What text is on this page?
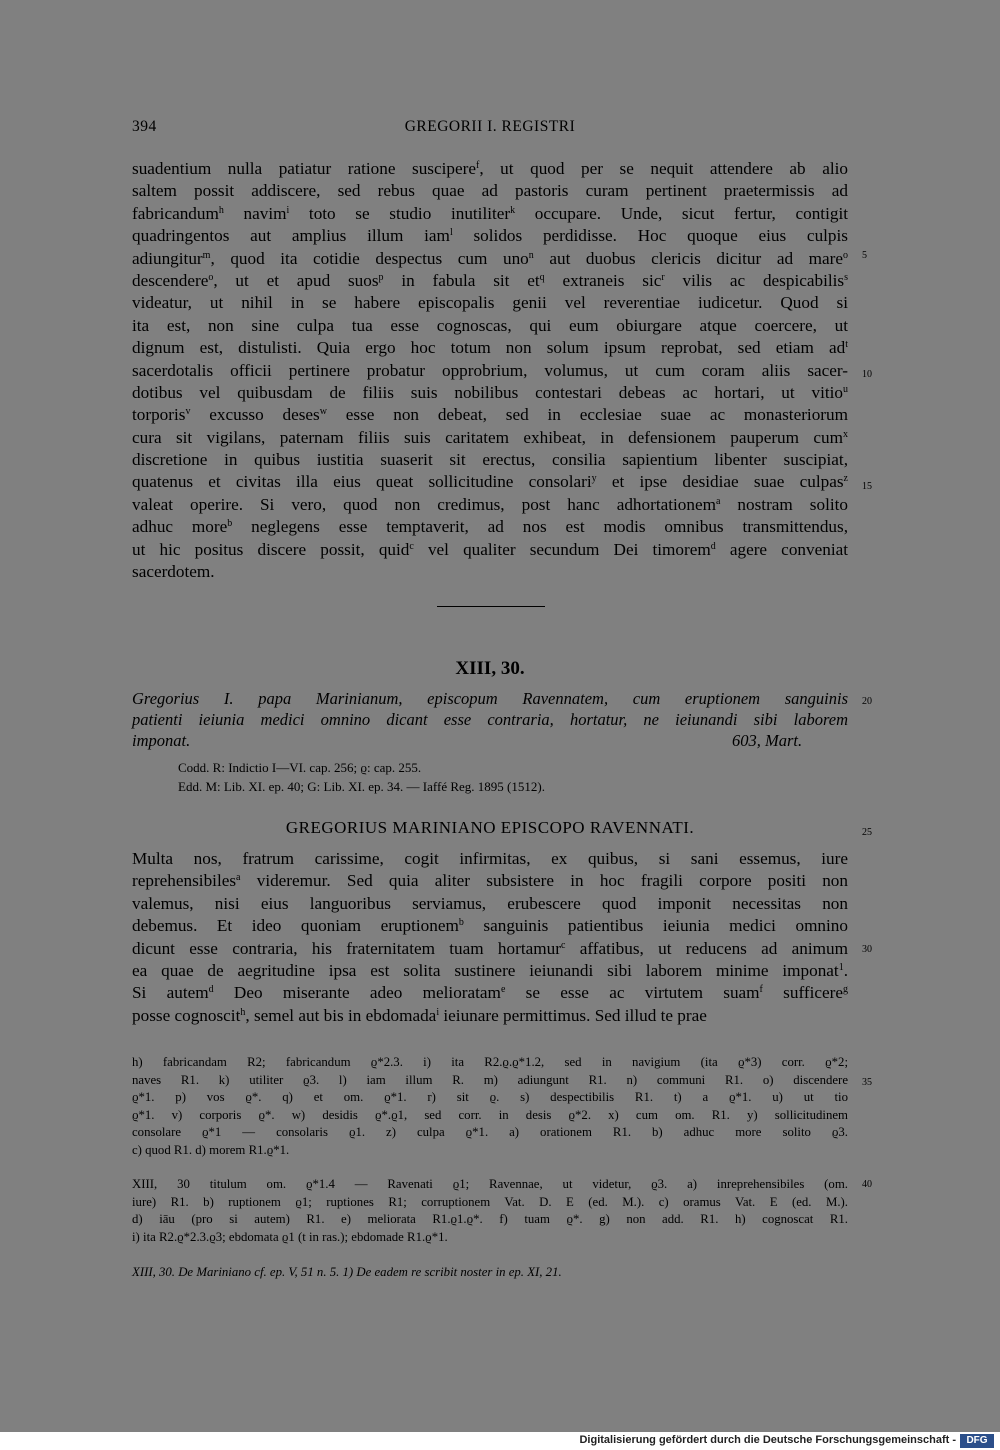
394	GREGORII I. REGISTRI
suadentium nulla patiatur ratione suscipere$^f$, ut quod per se nequit attendere ab alio
saltem possit addiscere, sed rebus quae ad pastoris curam pertinent praetermissis ad
fabricandum$^h$ navim$^i$ toto se studio inutiliter$^k$ occupare. Unde, sicut fertur, contigit
quadringentos aut amplius illum iam$^l$ solidos perdidisse. Hoc quoque eius culpis
adiungitur$^m$, quod ita cotidie despectus cum uno$^n$ aut duobus clericis dicitur ad mare$^o$
descendere$^o$, ut et apud suos$^p$ in fabula sit $et^q$ extraneis sic$^r$ vilis ac despicabilis$^s$
videatur, ut nihil in se habere episcopalis genii vel reverentiae iudicetur. Quod si
ita est, non sine culpa tua esse cognoscas, qui eum obiurgare atque coercere, ut
dignum est, distulisti. Quia ergo hoc totum non solum ipsum reprobat, sed etiam $ad^t$
sacerdotalis officii pertinere probatur opprobrium, volumus, ut cum coram aliis sacer-
dotibus vel quibusdam de filiis suis nobilibus contestari debeas ac hortari, ut vitio$^u$
torporis$^v$ excusso deses$^w$ esse non debeat, sed in ecclesiae suae ac monasteriorum
cura sit vigilans, paternam filiis suis caritatem exhibeat, in defensionem pauperum cum$^x$
discretione in quibus iustitia suaserit sit erectus, consilia sapientium libenter suscipiat,
quatenus et civitas illa eius queat sollicitudine consolari$^y$ et ipse desidiae suae culpas$^z$
valeat operire. Si vero, quod non credimus, post hanc adhortationem$^a$ nostram solito
adhuc more$^b$ neglegens esse temptaverit, ad nos est modis omnibus transmittendus,
ut hic positus discere possit, quid$^c$ vel qualiter secundum Dei timorem$^d$ agere conveniat
sacerdotem.
5
10
15
XIII, 30.
Gregorius I. papa Marinianum, episcopum Ravennatem, cum eruptionem sanguinis
patienti ieiunia medici omnino dicant esse contraria, hortatur, ne ieiunandi sibi laborem
imponat.	603, Mart.
20
Codd. R: Indictio I—VI. cap. 256; ϱ: cap. 255.
Edd. M: Lib. XI. ep. 40; G: Lib. XI. ep. 34. — Iaffé Reg. 1895 (1512).
GREGORIUS MARINIANO EPISCOPO RAVENNATI.	25
Multa nos, fratrum carissime, cogit infirmitas, ex quibus, si sani essemus, iure
reprehensibiles$^a$ videremur. Sed quia aliter subsistere in hoc fragili corpore positi non
valemus, nisi eius languoribus serviamus, erubescere quod imponit necessitas non
debemus. Et ideo quoniam eruptionem$^b$ sanguinis patientibus ieiunia medici omnino
dicunt esse contraria, his fraternitatem tuam hortamur$^c$ affatibus, ut reducens ad animum
ea quae de aegritudine ipsa est solita sustinere ieiunandi sibi laborem minime imponat$^1$.
Si autem$^d$ Deo miserante adeo melioratam$^e$ se esse ac virtutem suam$^f$ sufficere$^g$
posse cognoscit$^h$, semel aut bis in ebdomada$^i$ ieiunare permittimus. Sed illud te prae
30
h) fabricandam R2; fabricandum ϱ*2.3. i) ita R2.ϱ.ϱ*1.2, sed in navigium (ita ϱ*3) corr. ϱ*2;
naves R1. k) utiliter ϱ3. l) iam illum R. m) adiungunt R1. n) communi R1. o) discendere
ϱ*1. p) vos ϱ*. q) et om. ϱ*1. r) sit ϱ. s) despectibilis R1. t) a ϱ*1. u) ut tio
ϱ*1. v) corporis ϱ*. w) desidis ϱ*.ϱ1, sed corr. in desis ϱ*2. x) cum om. R1. y) sollicitudinem
consolare ϱ*1 — consolaris ϱ1. z) culpa ϱ*1. a) orationem R1. b) adhuc more solito ϱ3.
c) quod R1. d) morem R1.ϱ*1.
35
XIII, 30 titulum om. ϱ*1.4 — Ravenati ϱ1; Ravennae, ut videtur, ϱ3. a) inreprehensibiles (om.
iure) R1. b) ruptionem ϱ1; ruptiones R1; corruptionem Vat. D. E (ed. M.). c) oramus Vat. E (ed. M.).
d) iāu (pro si autem) R1. e) meliorata R1.ϱ1.ϱ*. f) tuam ϱ*. g) non add. R1. h) cognoscat R1.
i) ita R2.ϱ*2.3.ϱ3; ebdomata ϱ1 (t in ras.); ebdomade R1.ϱ*1.
40
XIII, 30. De Mariniano cf. ep. V, 51 n. 5. 1) De eadem re scribit noster in ep. XI, 21.
Digitalisierung gefördert durch die Deutsche Forschungsgemeinschaft -	DFG
